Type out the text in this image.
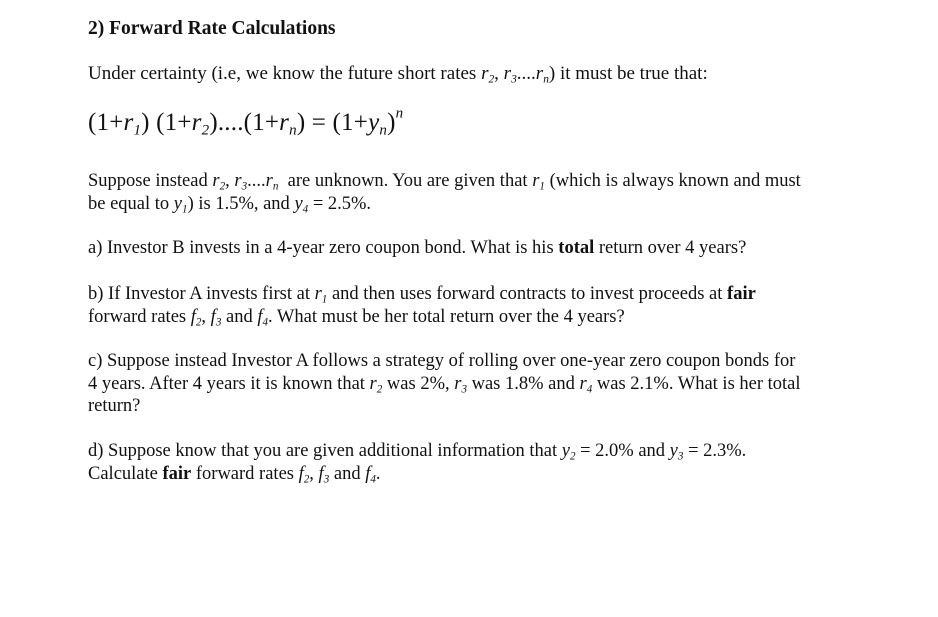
2) Forward Rate Calculations

Under certainty (i.e, we know the future short rates $r_2$, $r_3....r_n$) it must be true that:

$(1+r_1) (1+r_2)....(1+r_n) = (1+y_n)^n$

Suppose instead $r_2$, $r_3....r_n$ are unknown. You are given that $r_1$ (which is always known and must
be equal to $y_1$) is 1.5%, and $y_4 = 2.5\%$.
a) Investor B invests in a 4-year zero coupon bond. What is his total return over 4 years?
b) If Investor A invests first at $r_1$ and then uses forward contracts to invest proceeds at fair
forward rates $f_2$, $f_3$ and $f_4$. What must be her total return over the 4 years?
c) Suppose instead Investor A follows a strategy of rolling over one-year zero coupon bonds for
4 years. After 4 years it is known that $r_2$ was 2%, $r_3$ was 1.8% and $r_4$ was 2.1%. What is her total
return?
d) Suppose know that you are given additional information that $y_2 = 2.0\%$ and $y_3 = 2.3\%$.
Calculate fair forward rates $f_2$, $f_3$ and $f_4$.
